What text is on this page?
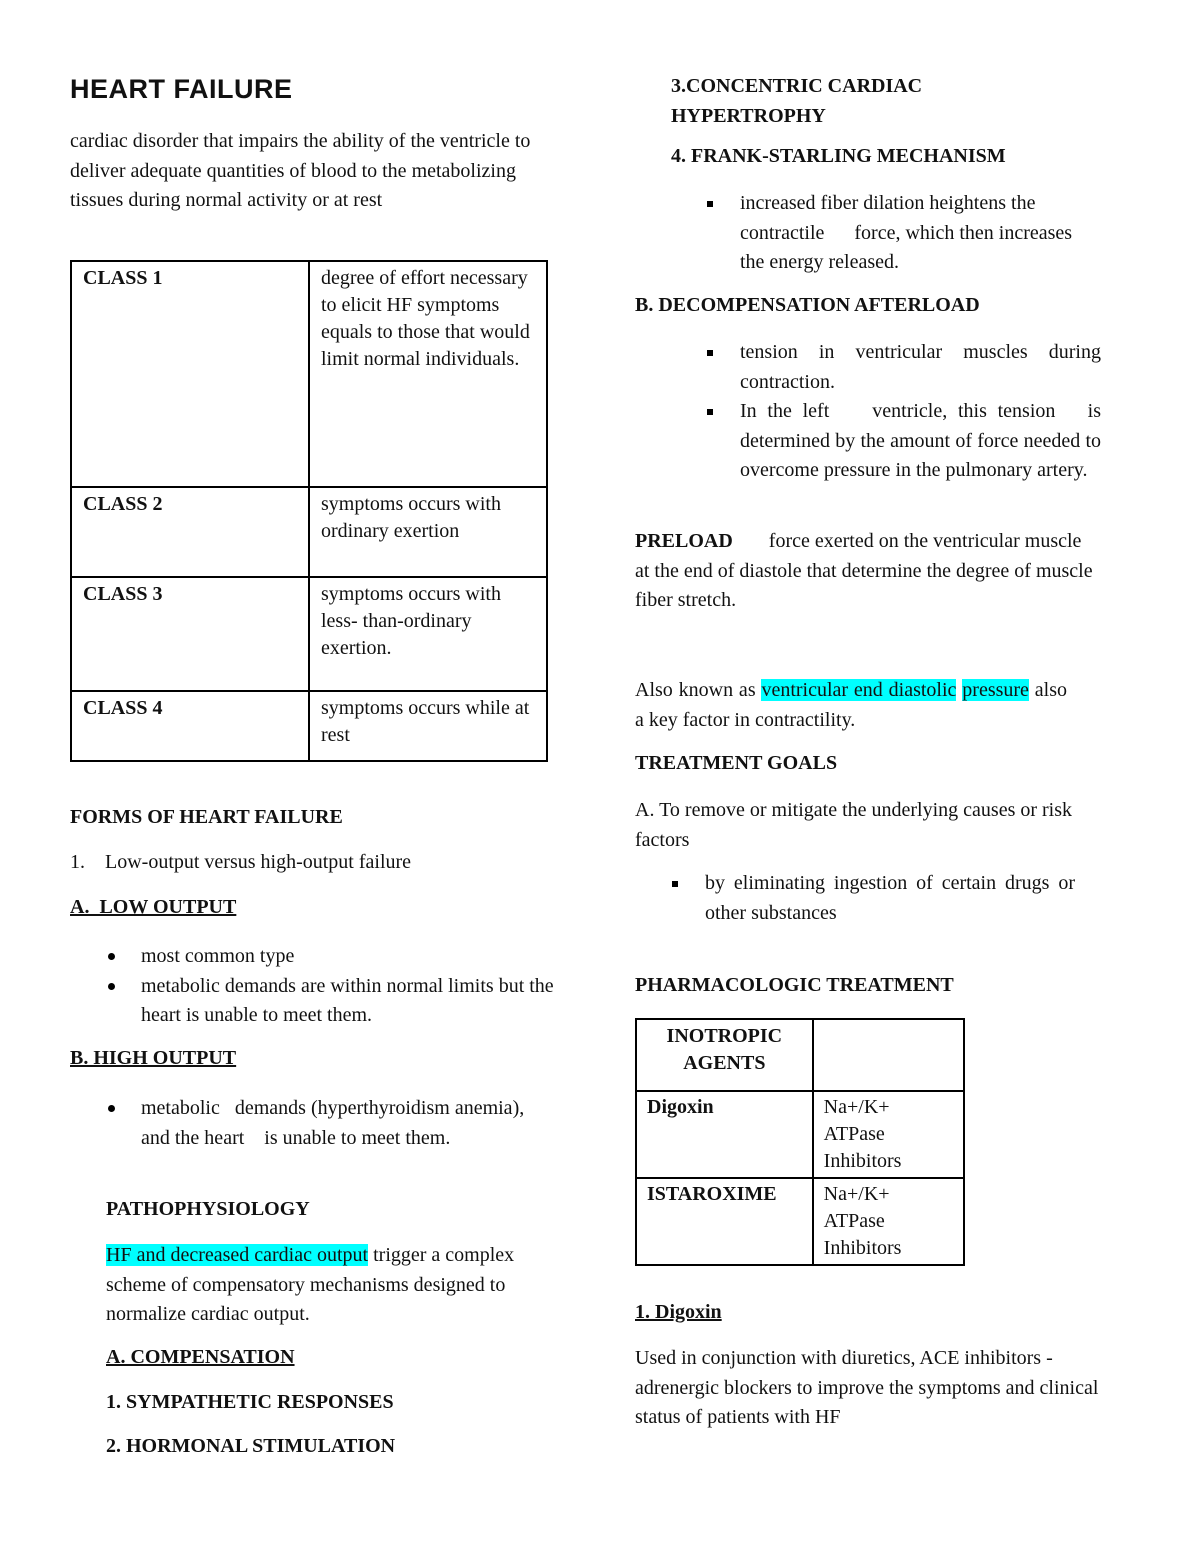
HEART FAILURE
cardiac disorder that impairs the ability of the ventricle to deliver adequate quantities of blood to the metabolizing tissues during normal activity or at rest
CLASS 1	degree of effort necessary to elicit HF symptoms equals to those that would limit normal individuals.
CLASS 2	symptoms occurs with ordinary exertion
CLASS 3	symptoms occurs with less- than-ordinary exertion.
CLASS 4	symptoms occurs while at rest
FORMS OF HEART FAILURE
1. Low-output versus high-output failure
A.  LOW OUTPUT
most common type
metabolic demands are within normal limits but the heart is unable to meet them.
B. HIGH OUTPUT
metabolic   demands (hyperthyroidism anemia), and the heart    is unable to meet them.
PATHOPHYSIOLOGY
HF and decreased cardiac output trigger a complex scheme of compensatory mechanisms designed to normalize cardiac output.
A. COMPENSATION
1. SYMPATHETIC RESPONSES
2. HORMONAL STIMULATION
3.CONCENTRIC CARDIAC HYPERTROPHY
4. FRANK-STARLING MECHANISM
increased fiber dilation heightens the contractile      force, which then increases the energy released.
B. DECOMPENSATION AFTERLOAD
tension in ventricular muscles during contraction.
In the left    ventricle, this tension   is determined by the amount of force needed to overcome pressure in the pulmonary artery.
PRELOAD force exerted on the ventricular muscle at the end of diastole that determine the degree of muscle fiber stretch.
Also known as ventricular end diastolic pressure also a key factor in contractility.
TREATMENT GOALS
A. To remove or mitigate the underlying causes or risk factors
by eliminating ingestion of certain drugs or other substances
PHARMACOLOGIC TREATMENT
INOTROPIC AGENTS	
Digoxin	Na+/K+ ATPase Inhibitors
ISTAROXIME	Na+/K+ ATPase Inhibitors
1. Digoxin
Used in conjunction with diuretics, ACE inhibitors -adrenergic blockers to improve the symptoms and clinical status of patients with HF
